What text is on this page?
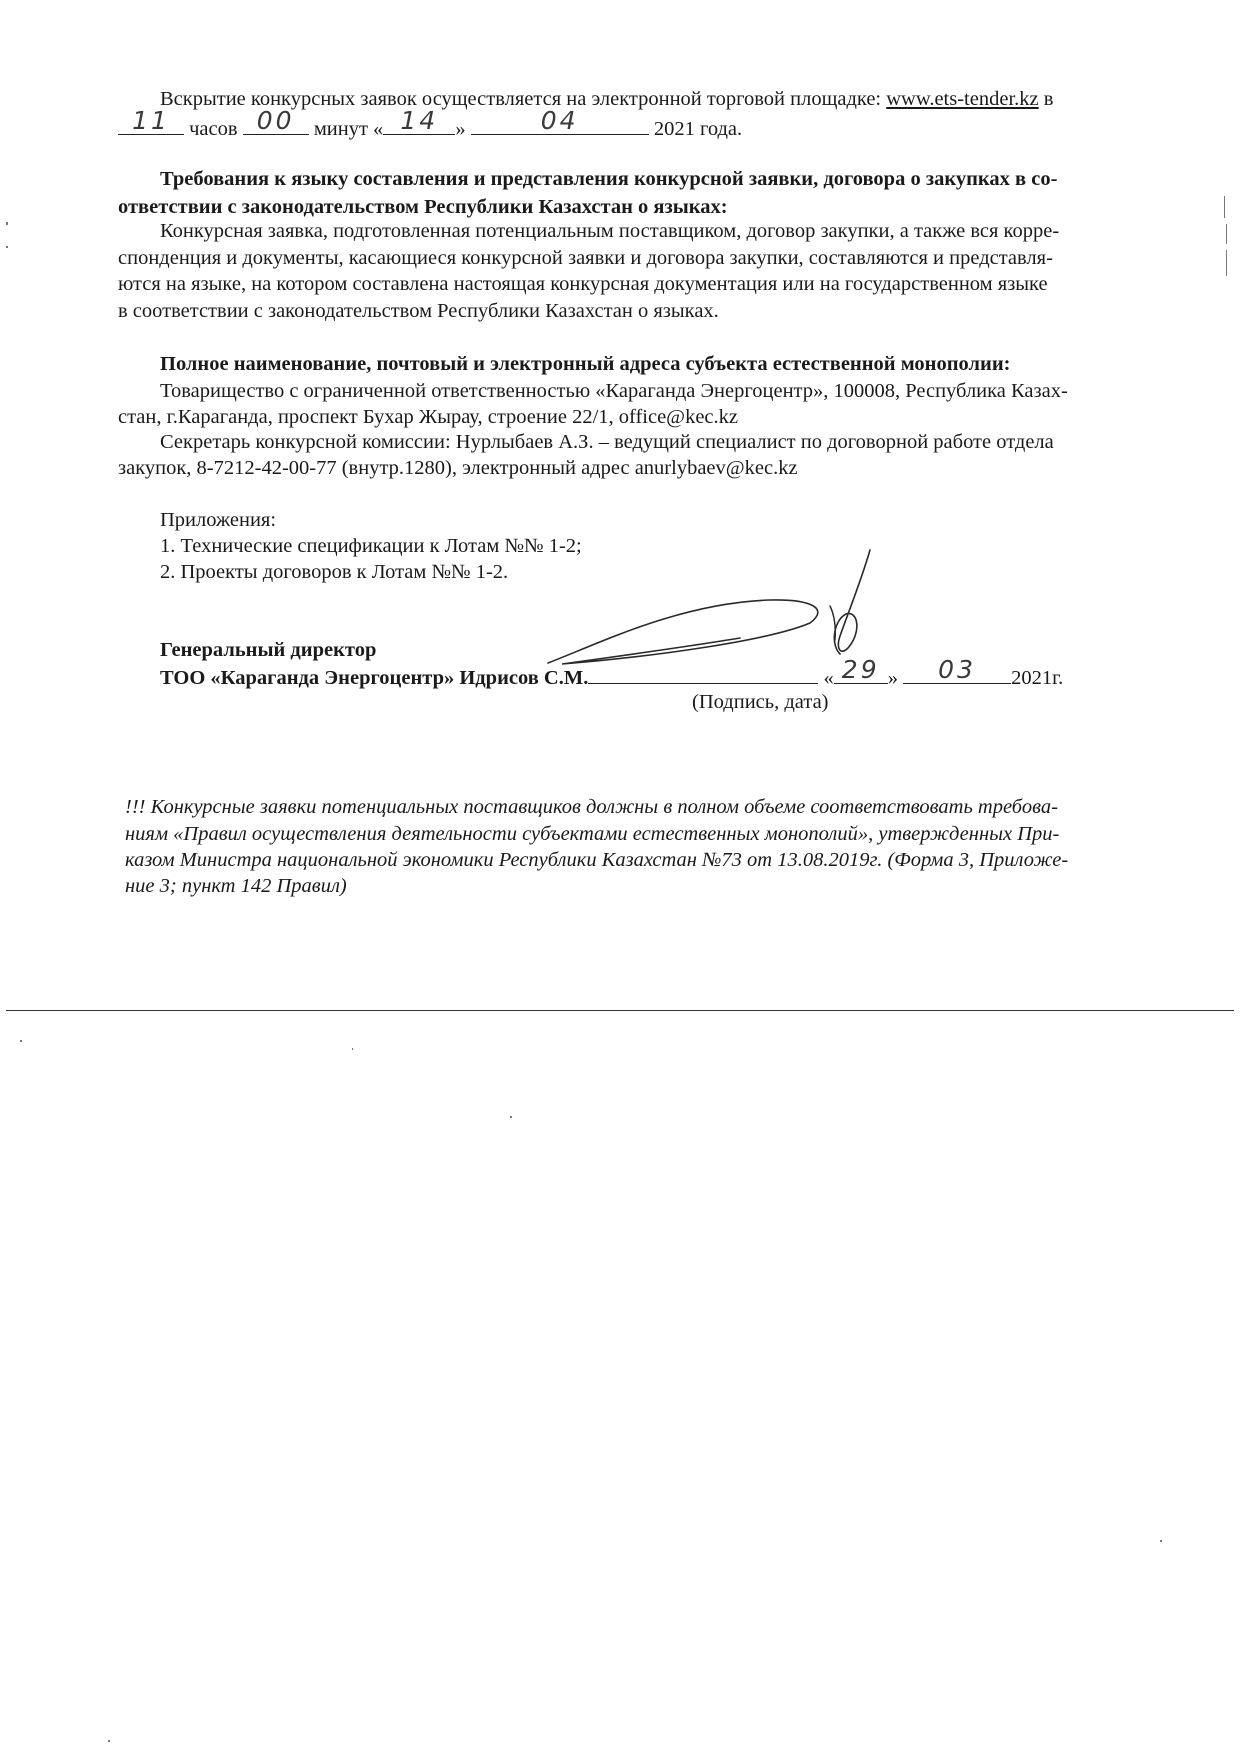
Вскрытие конкурсных заявок осуществляется на электронной торговой площадке: www.ets-tender.kz в
11 часов 00 минут « 14 »	04	2021 года.
Требования к языку составления и представления конкурсной заявки, договора о закупках в со-
ответствии с законодательством Республики Казахстан о языках:
Конкурсная заявка, подготовленная потенциальным поставщиком, договор закупки, а также вся корре-
спонденция и документы, касающиеся конкурсной заявки и договора закупки, составляются и представля-
ются на языке, на котором составлена настоящая конкурсная документация или на государственном языке
в соответствии с законодательством Республики Казахстан о языках.
Полное наименование, почтовый и электронный адреса субъекта естественной монополии:
Товарищество с ограниченной ответственностью «Караганда Энергоцентр», 100008, Республика Казах-
стан, г.Караганда, проспект Бухар Жырау, строение 22/1, office@kec.kz
Секретарь конкурсной комиссии: Нурлыбаев А.З. – ведущий специалист по договорной работе отдела
закупок, 8-7212-42-00-77 (внутр.1280), электронный адрес anurlybaev@kec.kz
Приложения:
1. Технические спецификации к Лотам №№ 1-2;
2. Проекты договоров к Лотам №№ 1-2.
Генеральный директор
ТОО «Караганда Энергоцентр» Идрисов С.М.	« 29 »	03	2021г.
(Подпись, дата)
!!! Конкурсные заявки потенциальных поставщиков должны в полном объеме соответствовать требова-
ниям «Правил осуществления деятельности субъектами естественных монополий», утвержденных При-
казом Министра национальной экономики Республики Казахстан №73 от 13.08.2019г. (Форма 3, Приложе-
ние 3; пункт 142 Правил)
